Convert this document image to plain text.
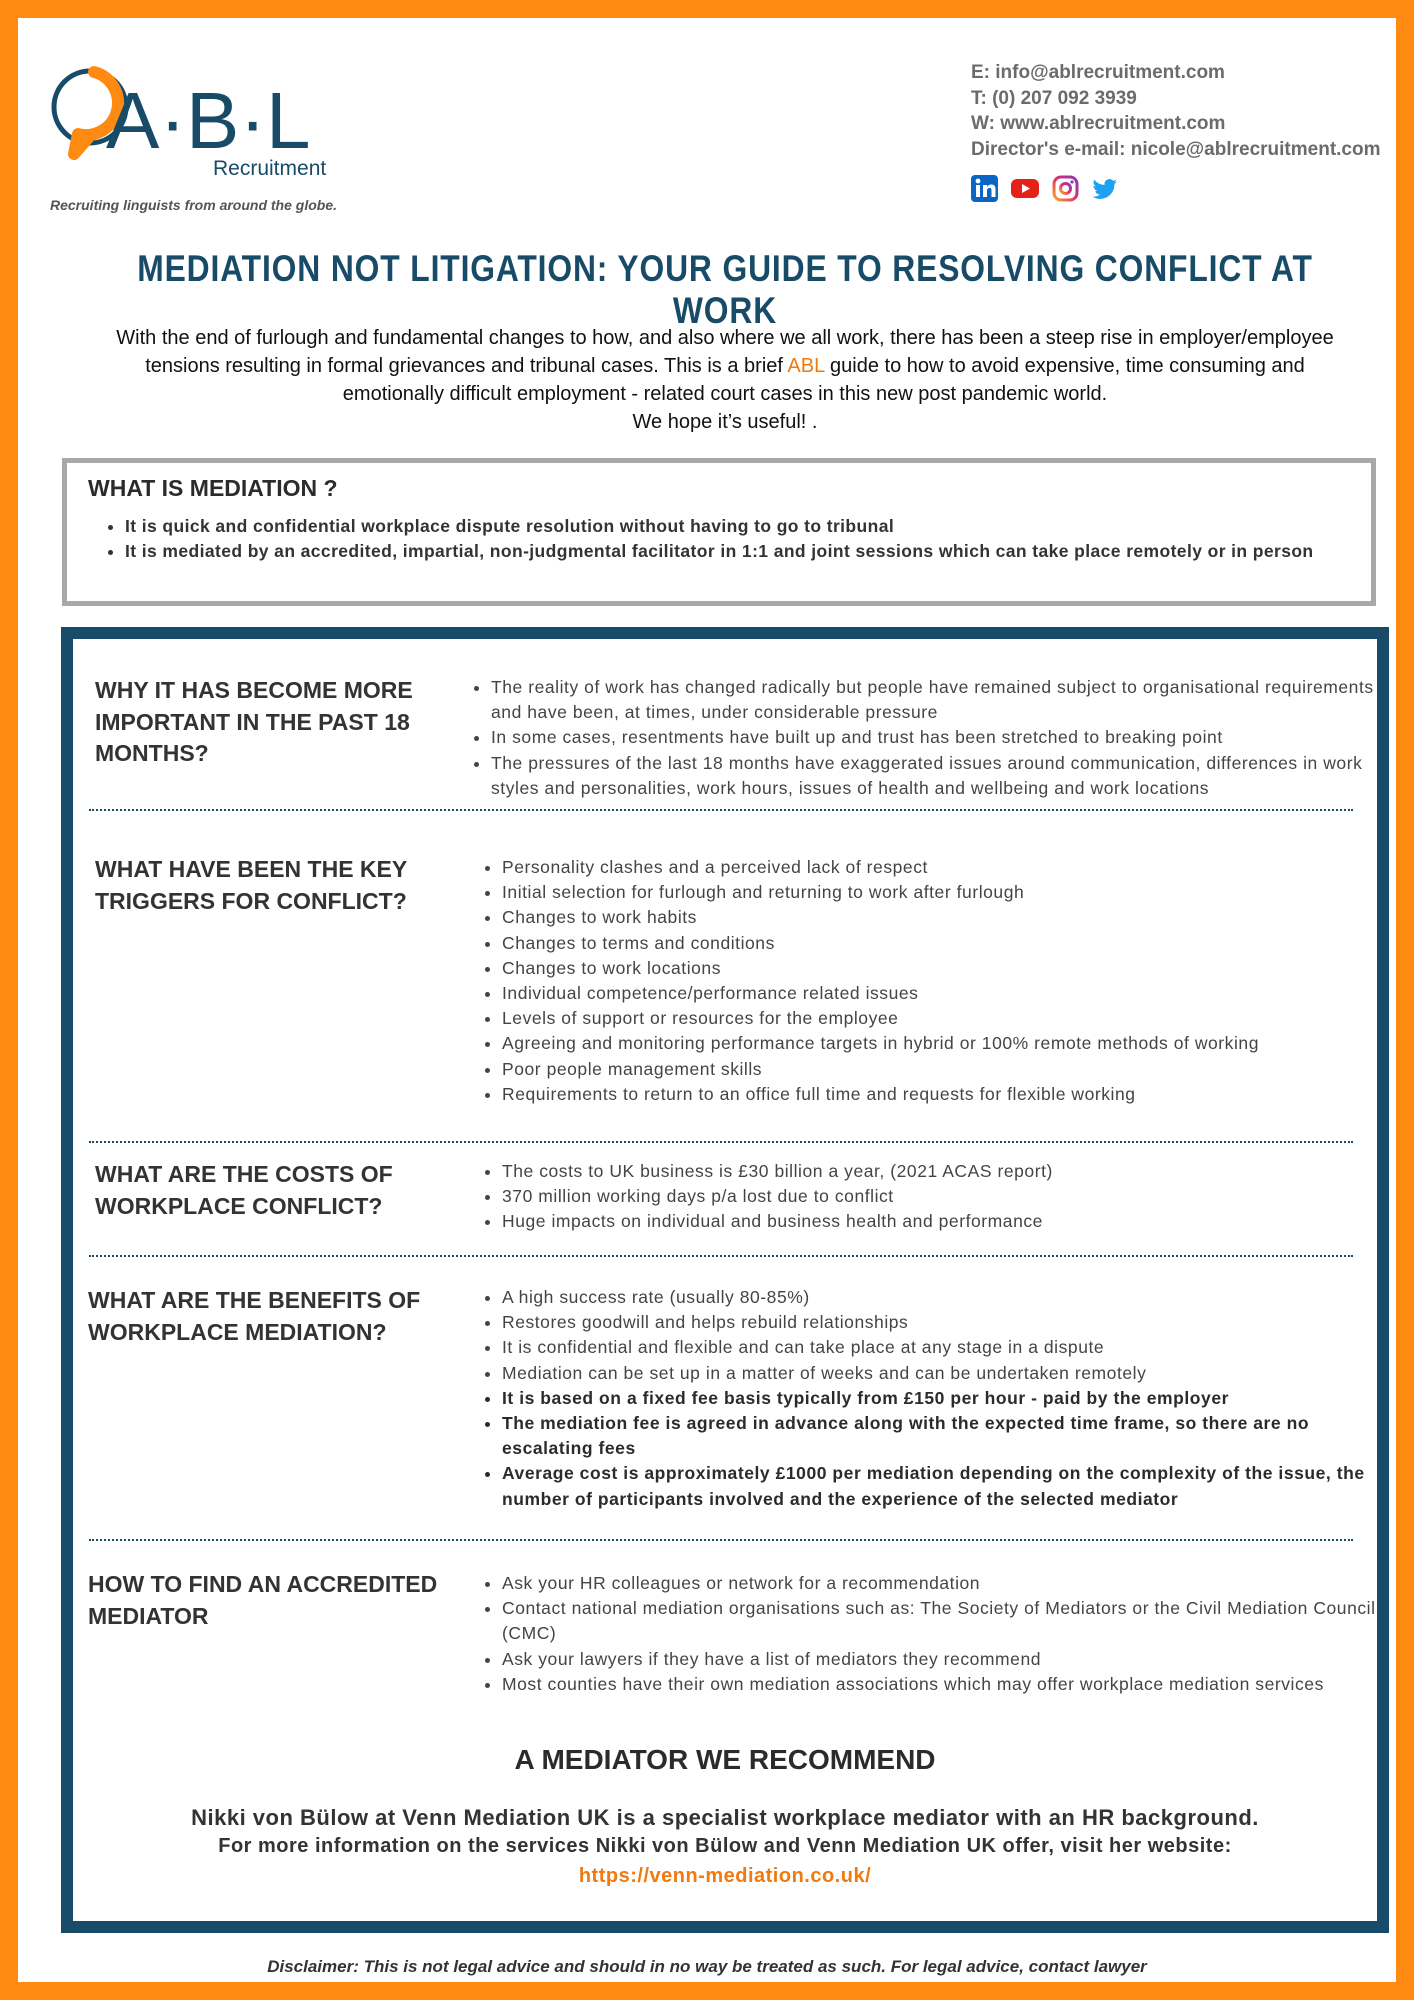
A·B·L
Recruitment
Recruiting linguists from around the globe.
E: info@ablrecruitment.com
T: (0) 207 092 3939
W: www.ablrecruitment.com
Director's e-mail: nicole@ablrecruitment.com
MEDIATION NOT LITIGATION: YOUR GUIDE TO RESOLVING CONFLICT AT WORK
With the end of furlough and fundamental changes to how, and also where we all work, there has been a steep rise in employer/employee
tensions resulting in formal grievances and tribunal cases. This is a brief ABL guide to how to avoid expensive, time consuming and
emotionally difficult employment - related court cases in this new post pandemic world.
We hope it’s useful! .
WHAT IS MEDIATION ?
• It is quick and confidential workplace dispute resolution without having to go to tribunal
• It is mediated by an accredited, impartial, non-judgmental facilitator in 1:1 and joint sessions which can take place remotely or in person
WHY IT HAS BECOME MORE IMPORTANT IN THE PAST 18 MONTHS?
• The reality of work has changed radically but people have remained subject to organisational requirements and have been, at times, under considerable pressure
• In some cases, resentments have built up and trust has been stretched to breaking point
• The pressures of the last 18 months have exaggerated issues around communication, differences in work styles and personalities, work hours, issues of health and wellbeing and work locations
WHAT HAVE BEEN THE KEY TRIGGERS FOR CONFLICT?
• Personality clashes and a perceived lack of respect
• Initial selection for furlough and returning to work after furlough
• Changes to work habits
• Changes to terms and conditions
• Changes to work locations
• Individual competence/performance related issues
• Levels of support or resources for the employee
• Agreeing and monitoring performance targets in hybrid or 100% remote methods of working
• Poor people management skills
• Requirements to return to an office full time and requests for flexible working
WHAT ARE THE COSTS OF WORKPLACE CONFLICT?
• The costs to UK business is £30 billion a year, (2021 ACAS report)
• 370 million working days p/a lost due to conflict
• Huge impacts on individual and business health and performance
WHAT ARE THE BENEFITS OF WORKPLACE MEDIATION?
• A high success rate (usually 80-85%)
• Restores goodwill and helps rebuild relationships
• It is confidential and flexible and can take place at any stage in a dispute
• Mediation can be set up in a matter of weeks and can be undertaken remotely
• It is based on a fixed fee basis typically from £150 per hour - paid by the employer
• The mediation fee is agreed in advance along with the expected time frame, so there are no escalating fees
• Average cost is approximately £1000 per mediation depending on the complexity of the issue, the number of participants involved and the experience of the selected mediator
HOW TO FIND AN ACCREDITED MEDIATOR
• Ask your HR colleagues or network for a recommendation
• Contact national mediation organisations such as: The Society of Mediators or the Civil Mediation Council (CMC)
• Ask your lawyers if they have a list of mediators they recommend
• Most counties have their own mediation associations which may offer workplace mediation services
A MEDIATOR WE RECOMMEND
Nikki von Bülow at Venn Mediation UK is a specialist workplace mediator with an HR background.
For more information on the services Nikki von Bülow and Venn Mediation UK offer, visit her website:
https://venn-mediation.co.uk/
Disclaimer: This is not legal advice and should in no way be treated as such. For legal advice, contact lawyer
